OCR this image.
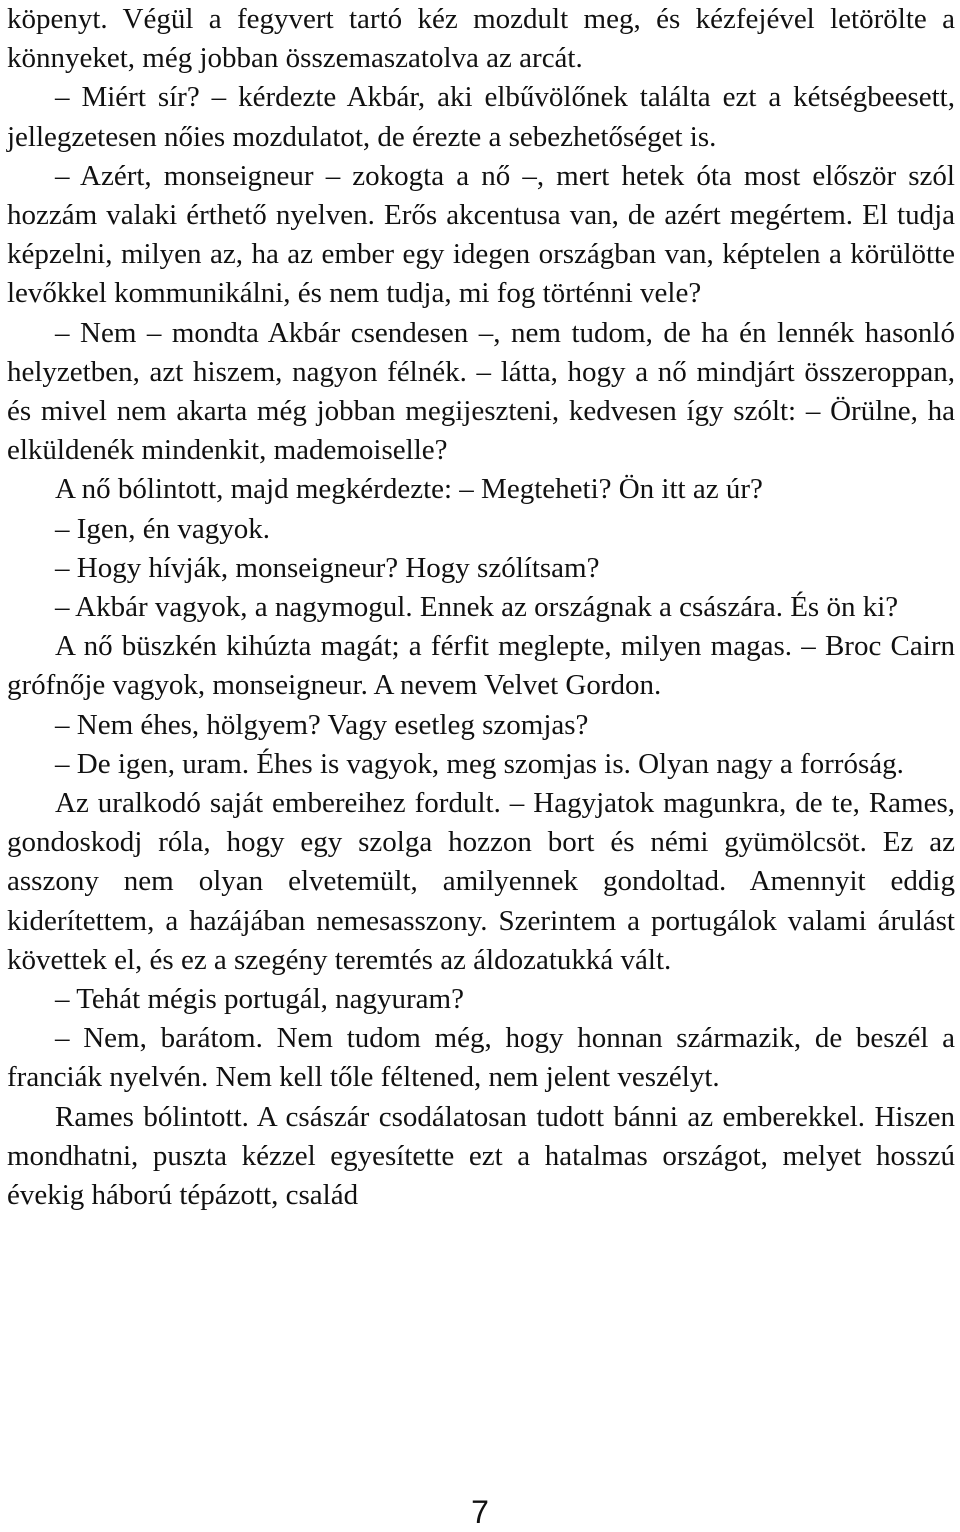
köpenyt. Végül a fegyvert tartó kéz mozdult meg, és kézfejével letörölte a könnyeket, még jobban összemaszatolva az arcát.

– Miért sír? – kérdezte Akbár, aki elbűvölőnek találta ezt a kétségbeesett, jellegzetesen nőies mozdulatot, de érezte a sebezhetőséget is.

– Azért, monseigneur – zokogta a nő –, mert hetek óta most először szól hozzám valaki érthető nyelven. Erős akcentusa van, de azért megértem. El tudja képzelni, milyen az, ha az ember egy idegen országban van, képtelen a körülötte levőkkel kommunikálni, és nem tudja, mi fog történni vele?

– Nem – mondta Akbár csendesen –, nem tudom, de ha én lennék hasonló helyzetben, azt hiszem, nagyon félnék. – látta, hogy a nő mindjárt összeroppan, és mivel nem akarta még jobban megijeszteni, kedvesen így szólt: – Örülne, ha elküldenék mindenkit, mademoiselle?

A nő bólintott, majd megkérdezte: – Megteheti? Ön itt az úr?

– Igen, én vagyok.

– Hogy hívják, monseigneur? Hogy szólítsam?

– Akbár vagyok, a nagymogul. Ennek az országnak a császára. És ön ki?

A nő büszkén kihúzta magát; a férfit meglepte, milyen magas. – Broc Cairn grófnője vagyok, monseigneur. A nevem Velvet Gordon.

– Nem éhes, hölgyem? Vagy esetleg szomjas?

– De igen, uram. Éhes is vagyok, meg szomjas is. Olyan nagy a forróság.

Az uralkodó saját embereihez fordult. – Hagyjatok magunkra, de te, Rames, gondoskodj róla, hogy egy szolga hozzon bort és némi gyümölcsöt. Ez az asszony nem olyan elvetemült, amilyennek gondoltad. Amennyit eddig kiderítettem, a hazájában nemesasszony. Szerintem a portugálok valami árulást követtek el, és ez a szegény teremtés az áldozatukká vált.

– Tehát mégis portugál, nagyuram?

– Nem, barátom. Nem tudom még, hogy honnan származik, de beszél a franciák nyelvén. Nem kell tőle féltened, nem jelent veszélyt.

Rames bólintott. A császár csodálatosan tudott bánni az emberekkel. Hiszen mondhatni, puszta kézzel egyesítette ezt a hatalmas országot, melyet hosszú évekig háború tépázott, család

7
